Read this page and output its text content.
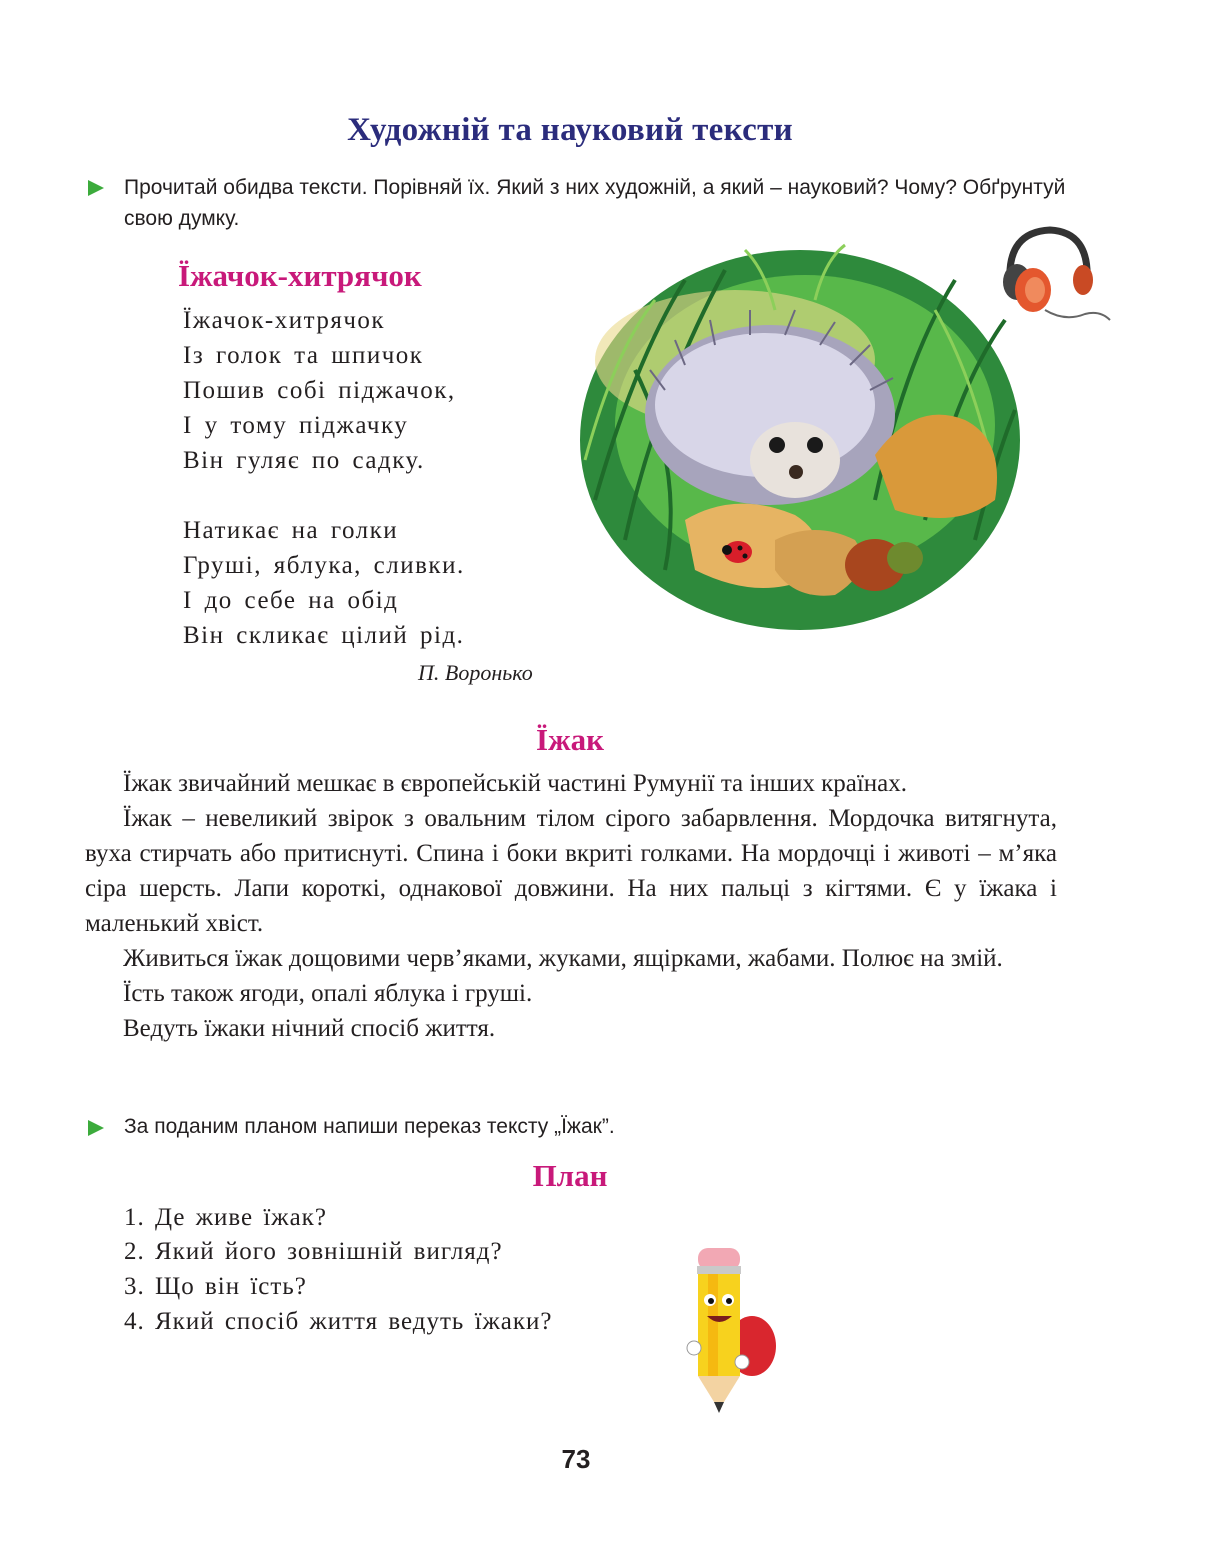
Художній та науковий тексти
Прочитай обидва тексти. Порівняй їх. Який з них художній, а який – науковий? Чому? Обґрунтуй свою думку.
Їжачок-хитрячок
Їжачок-хитрячок
Із голок та шпичок
Пошив собі піджачок,
І у тому піджачку
Він гуляє по садку.
Натикає на голки
Груші, яблука, сливки.
І до себе на обід
Він скликає цілий рід.
П. Воронько
Їжак

Їжак звичайний мешкає в європейській частині Румунії та інших країнах.

Їжак – невеликий звірок з овальним тілом сірого забарвлення. Мордочка витягнута, вуха стирчать або притиснуті. Спина і боки вкриті голками. На мордочці і животі – м’яка сіра шерсть. Лапи короткі, однакової довжини. На них пальці з кігтями. Є у їжака і маленький хвіст.

Живиться їжак дощовими черв’яками, жуками, ящірками, жабами. Полює на змій.

Їсть також ягоди, опалі яблука і груші.

Ведуть їжаки нічний спосіб життя.

За поданим планом напиши переказ тексту „Їжак”.
План
1. Де живе їжак?
2. Який його зовнішній вигляд?
3. Що він їсть?
4. Який спосіб життя ведуть їжаки?
73
